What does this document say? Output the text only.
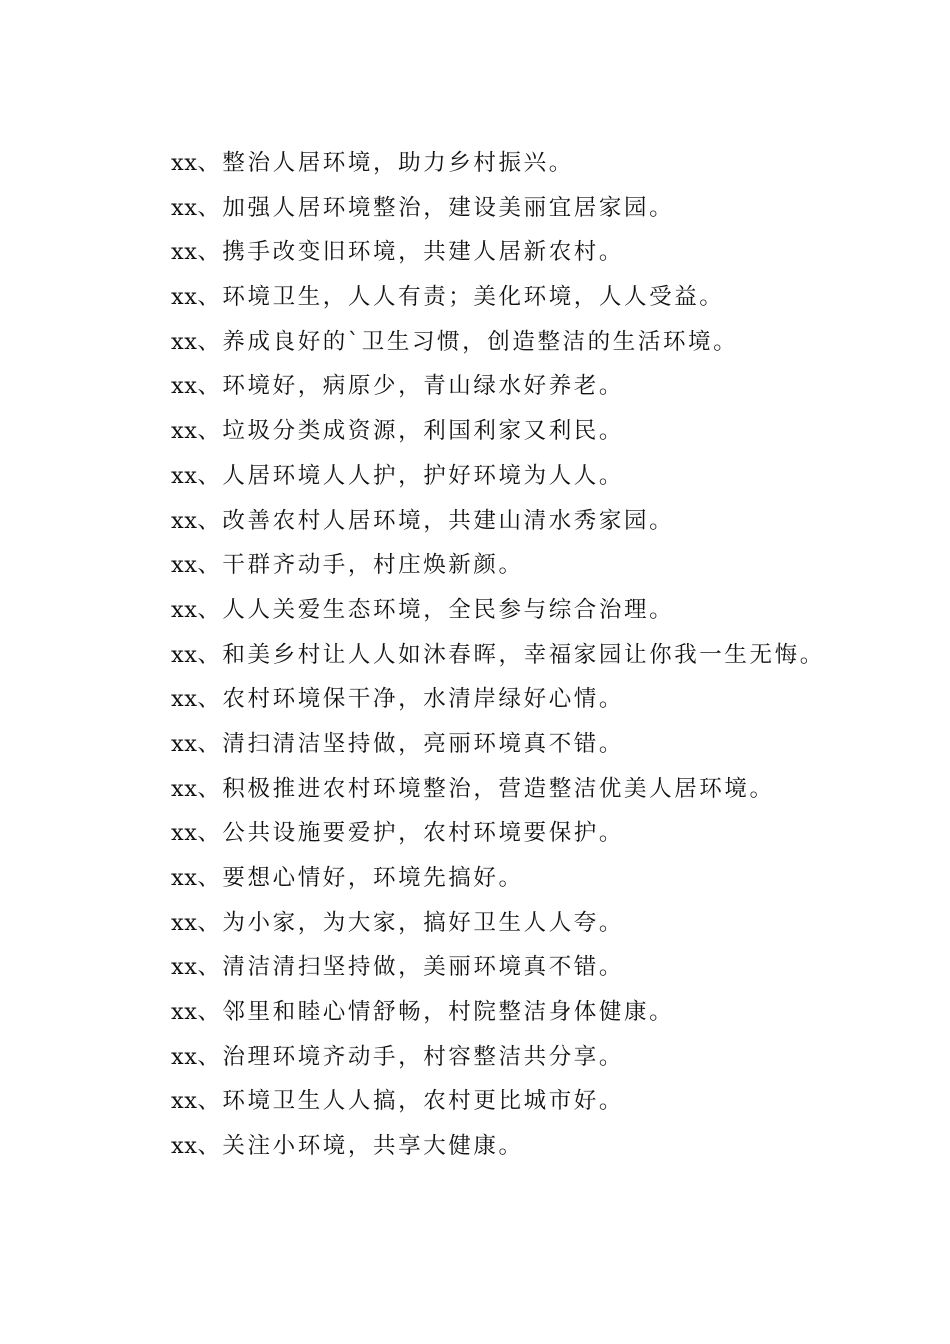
xx、整治人居环境，助力乡村振兴。
xx、加强人居环境整治，建设美丽宜居家园。
xx、携手改变旧环境，共建人居新农村。
xx、环境卫生，人人有责；美化环境，人人受益。
xx、养成良好的`卫生习惯，创造整洁的生活环境。
xx、环境好，病原少，青山绿水好养老。
xx、垃圾分类成资源，利国利家又利民。
xx、人居环境人人护，护好环境为人人。
xx、改善农村人居环境，共建山清水秀家园。
xx、干群齐动手，村庄焕新颜。
xx、人人关爱生态环境，全民参与综合治理。
xx、和美乡村让人人如沐春晖，幸福家园让你我一生无悔。
xx、农村环境保干净，水清岸绿好心情。
xx、清扫清洁坚持做，亮丽环境真不错。
xx、积极推进农村环境整治，营造整洁优美人居环境。
xx、公共设施要爱护，农村环境要保护。
xx、要想心情好，环境先搞好。
xx、为小家，为大家，搞好卫生人人夸。
xx、清洁清扫坚持做，美丽环境真不错。
xx、邻里和睦心情舒畅，村院整洁身体健康。
xx、治理环境齐动手，村容整洁共分享。
xx、环境卫生人人搞，农村更比城市好。
xx、关注小环境，共享大健康。
